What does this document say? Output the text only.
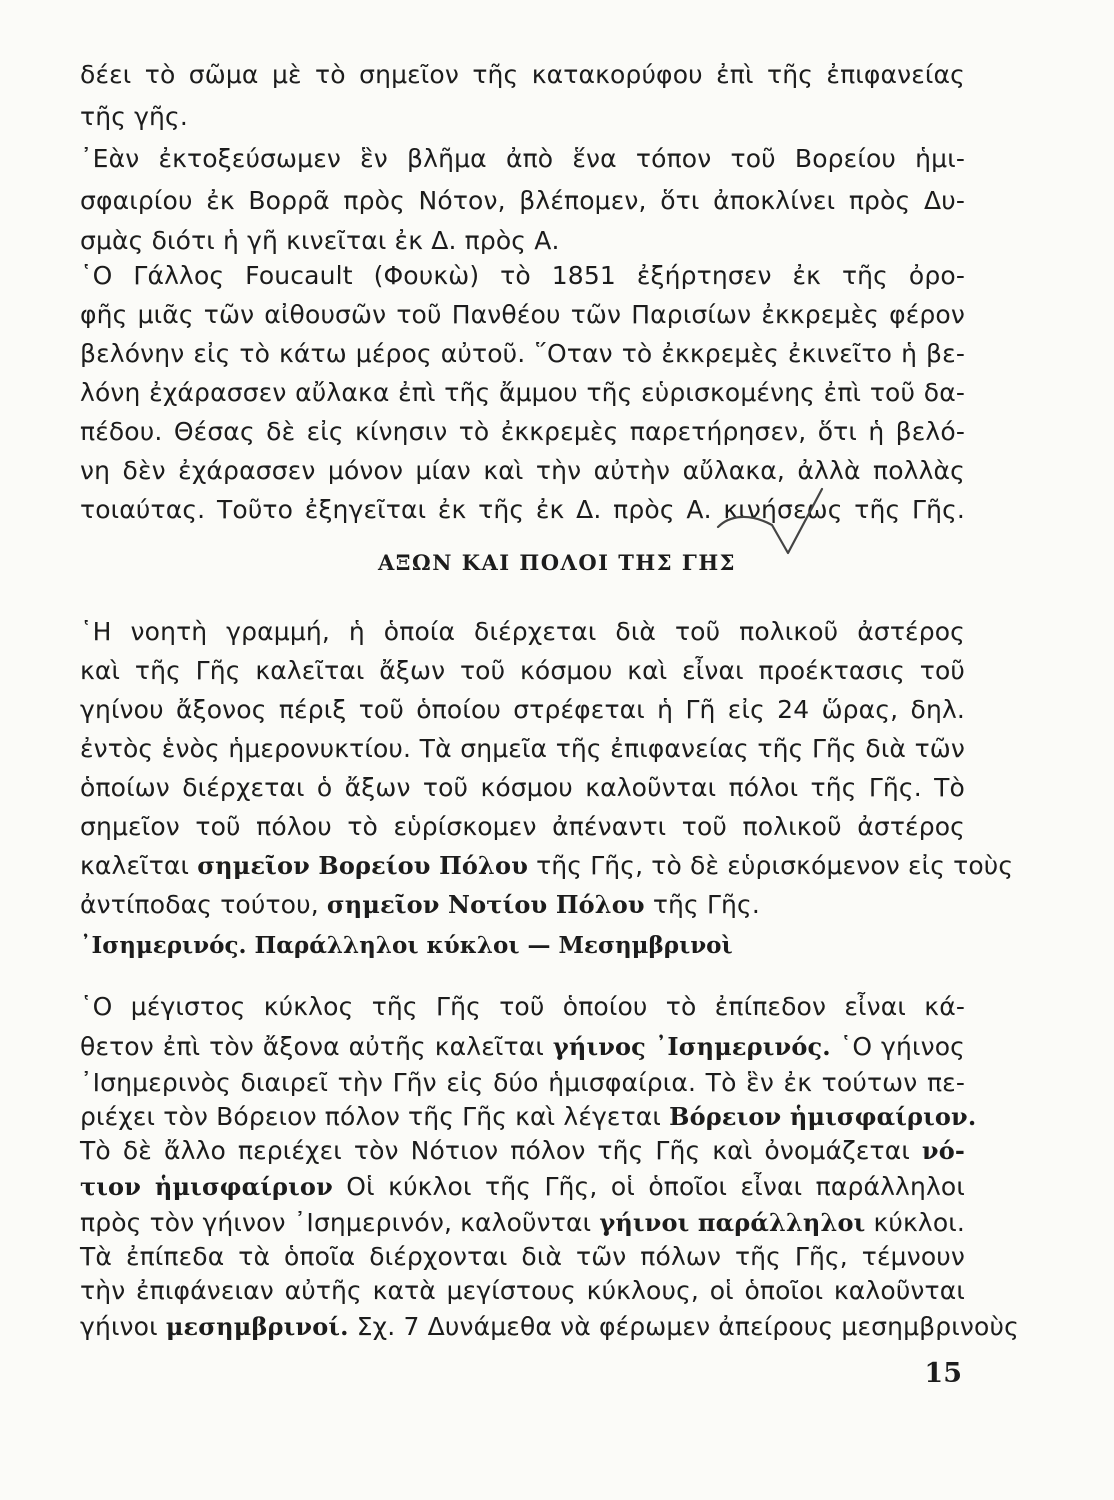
δέει τὸ σῶμα μὲ τὸ σημεῖον τῆς κατακορύφου ἐπὶ τῆς ἐπιφανείας
τῆς γῆς.
᾿Εὰν ἐκτοξεύσωμεν ἓν βλῆμα ἀπὸ ἕνα τόπον τοῦ Βορείου ἡμι-
σφαιρίου ἐκ Βορρᾶ πρὸς Νότον, βλέπομεν, ὅτι ἀποκλίνει πρὸς Δυ-
σμὰς διότι ἡ γῆ κινεῖται ἐκ Δ. πρὸς Α.
῾Ο Γάλλος Foucault (Φουκὼ) τὸ 1851 ἐξήρτησεν ἐκ τῆς ὀρο-
φῆς μιᾶς τῶν αἰθουσῶν τοῦ Πανθέου τῶν Παρισίων ἐκκρεμὲς φέρον
βελόνην εἰς τὸ κάτω μέρος αὐτοῦ. ῞Οταν τὸ ἐκκρεμὲς ἐκινεῖτο ἡ βε-
λόνη ἐχάρασσεν αὔλακα ἐπὶ τῆς ἄμμου τῆς εὑρισκομένης ἐπὶ τοῦ δα-
πέδου. Θέσας δὲ εἰς κίνησιν τὸ ἐκκρεμὲς παρετήρησεν, ὅτι ἡ βελό-
νη δὲν ἐχάρασσεν μόνον μίαν καὶ τὴν αὐτὴν αὔλακα, ἀλλὰ πολλὰς
τοιαύτας. Τοῦτο ἐξηγεῖται ἐκ τῆς ἐκ Δ. πρὸς Α. κινήσεως τῆς Γῆς.
ΑΞΩΝ ΚΑΙ ΠΟΛΟΙ ΤΗΣ ΓΗΣ
῾Η νοητὴ γραμμή, ἡ ὁποία διέρχεται διὰ τοῦ πολικοῦ ἀστέρος
καὶ τῆς Γῆς καλεῖται ἄξων τοῦ κόσμου καὶ εἶναι προέκτασις τοῦ
γηίνου ἄξονος πέριξ τοῦ ὁποίου στρέφεται ἡ Γῆ εἰς 24 ὥρας, δηλ.
ἐντὸς ἑνὸς ἡμερονυκτίου. Τὰ σημεῖα τῆς ἐπιφανείας τῆς Γῆς διὰ τῶν
ὁποίων διέρχεται ὁ ἄξων τοῦ κόσμου καλοῦνται πόλοι τῆς Γῆς. Τὸ
σημεῖον τοῦ πόλου τὸ εὑρίσκομεν ἀπέναντι τοῦ πολικοῦ ἀστέρος
καλεῖται σημεῖον Βορείου Πόλου τῆς Γῆς, τὸ δὲ εὑρισκόμενον εἰς τοὺς
ἀντίποδας τούτου, σημεῖον Νοτίου Πόλου τῆς Γῆς.
᾿Ισημερινός. Παράλληλοι κύκλοι — Μεσημβρινοὶ
῾Ο μέγιστος κύκλος τῆς Γῆς τοῦ ὁποίου τὸ ἐπίπεδον εἶναι κά-
θετον ἐπὶ τὸν ἄξονα αὐτῆς καλεῖται γήινος ᾿Ισημερινός. ῾Ο γήινος
᾿Ισημερινὸς διαιρεῖ τὴν Γῆν εἰς δύο ἡμισφαίρια. Τὸ ἓν ἐκ τούτων πε-
ριέχει τὸν Βόρειον πόλον τῆς Γῆς καὶ λέγεται Βόρειον ἡμισφαίριον.
Τὸ δὲ ἄλλο περιέχει τὸν Νότιον πόλον τῆς Γῆς καὶ ὀνομάζεται νό-
τιον ἡμισφαίριον Οἱ κύκλοι τῆς Γῆς, οἱ ὁποῖοι εἶναι παράλληλοι
πρὸς τὸν γήινον ᾿Ισημερινόν, καλοῦνται γήινοι παράλληλοι κύκλοι.
Τὰ ἐπίπεδα τὰ ὁποῖα διέρχονται διὰ τῶν πόλων τῆς Γῆς, τέμνουν
τὴν ἐπιφάνειαν αὐτῆς κατὰ μεγίστους κύκλους, οἱ ὁποῖοι καλοῦνται
γήινοι μεσημβρινοί. Σχ. 7 Δυνάμεθα νὰ φέρωμεν ἀπείρους μεσημβρινοὺς
15
